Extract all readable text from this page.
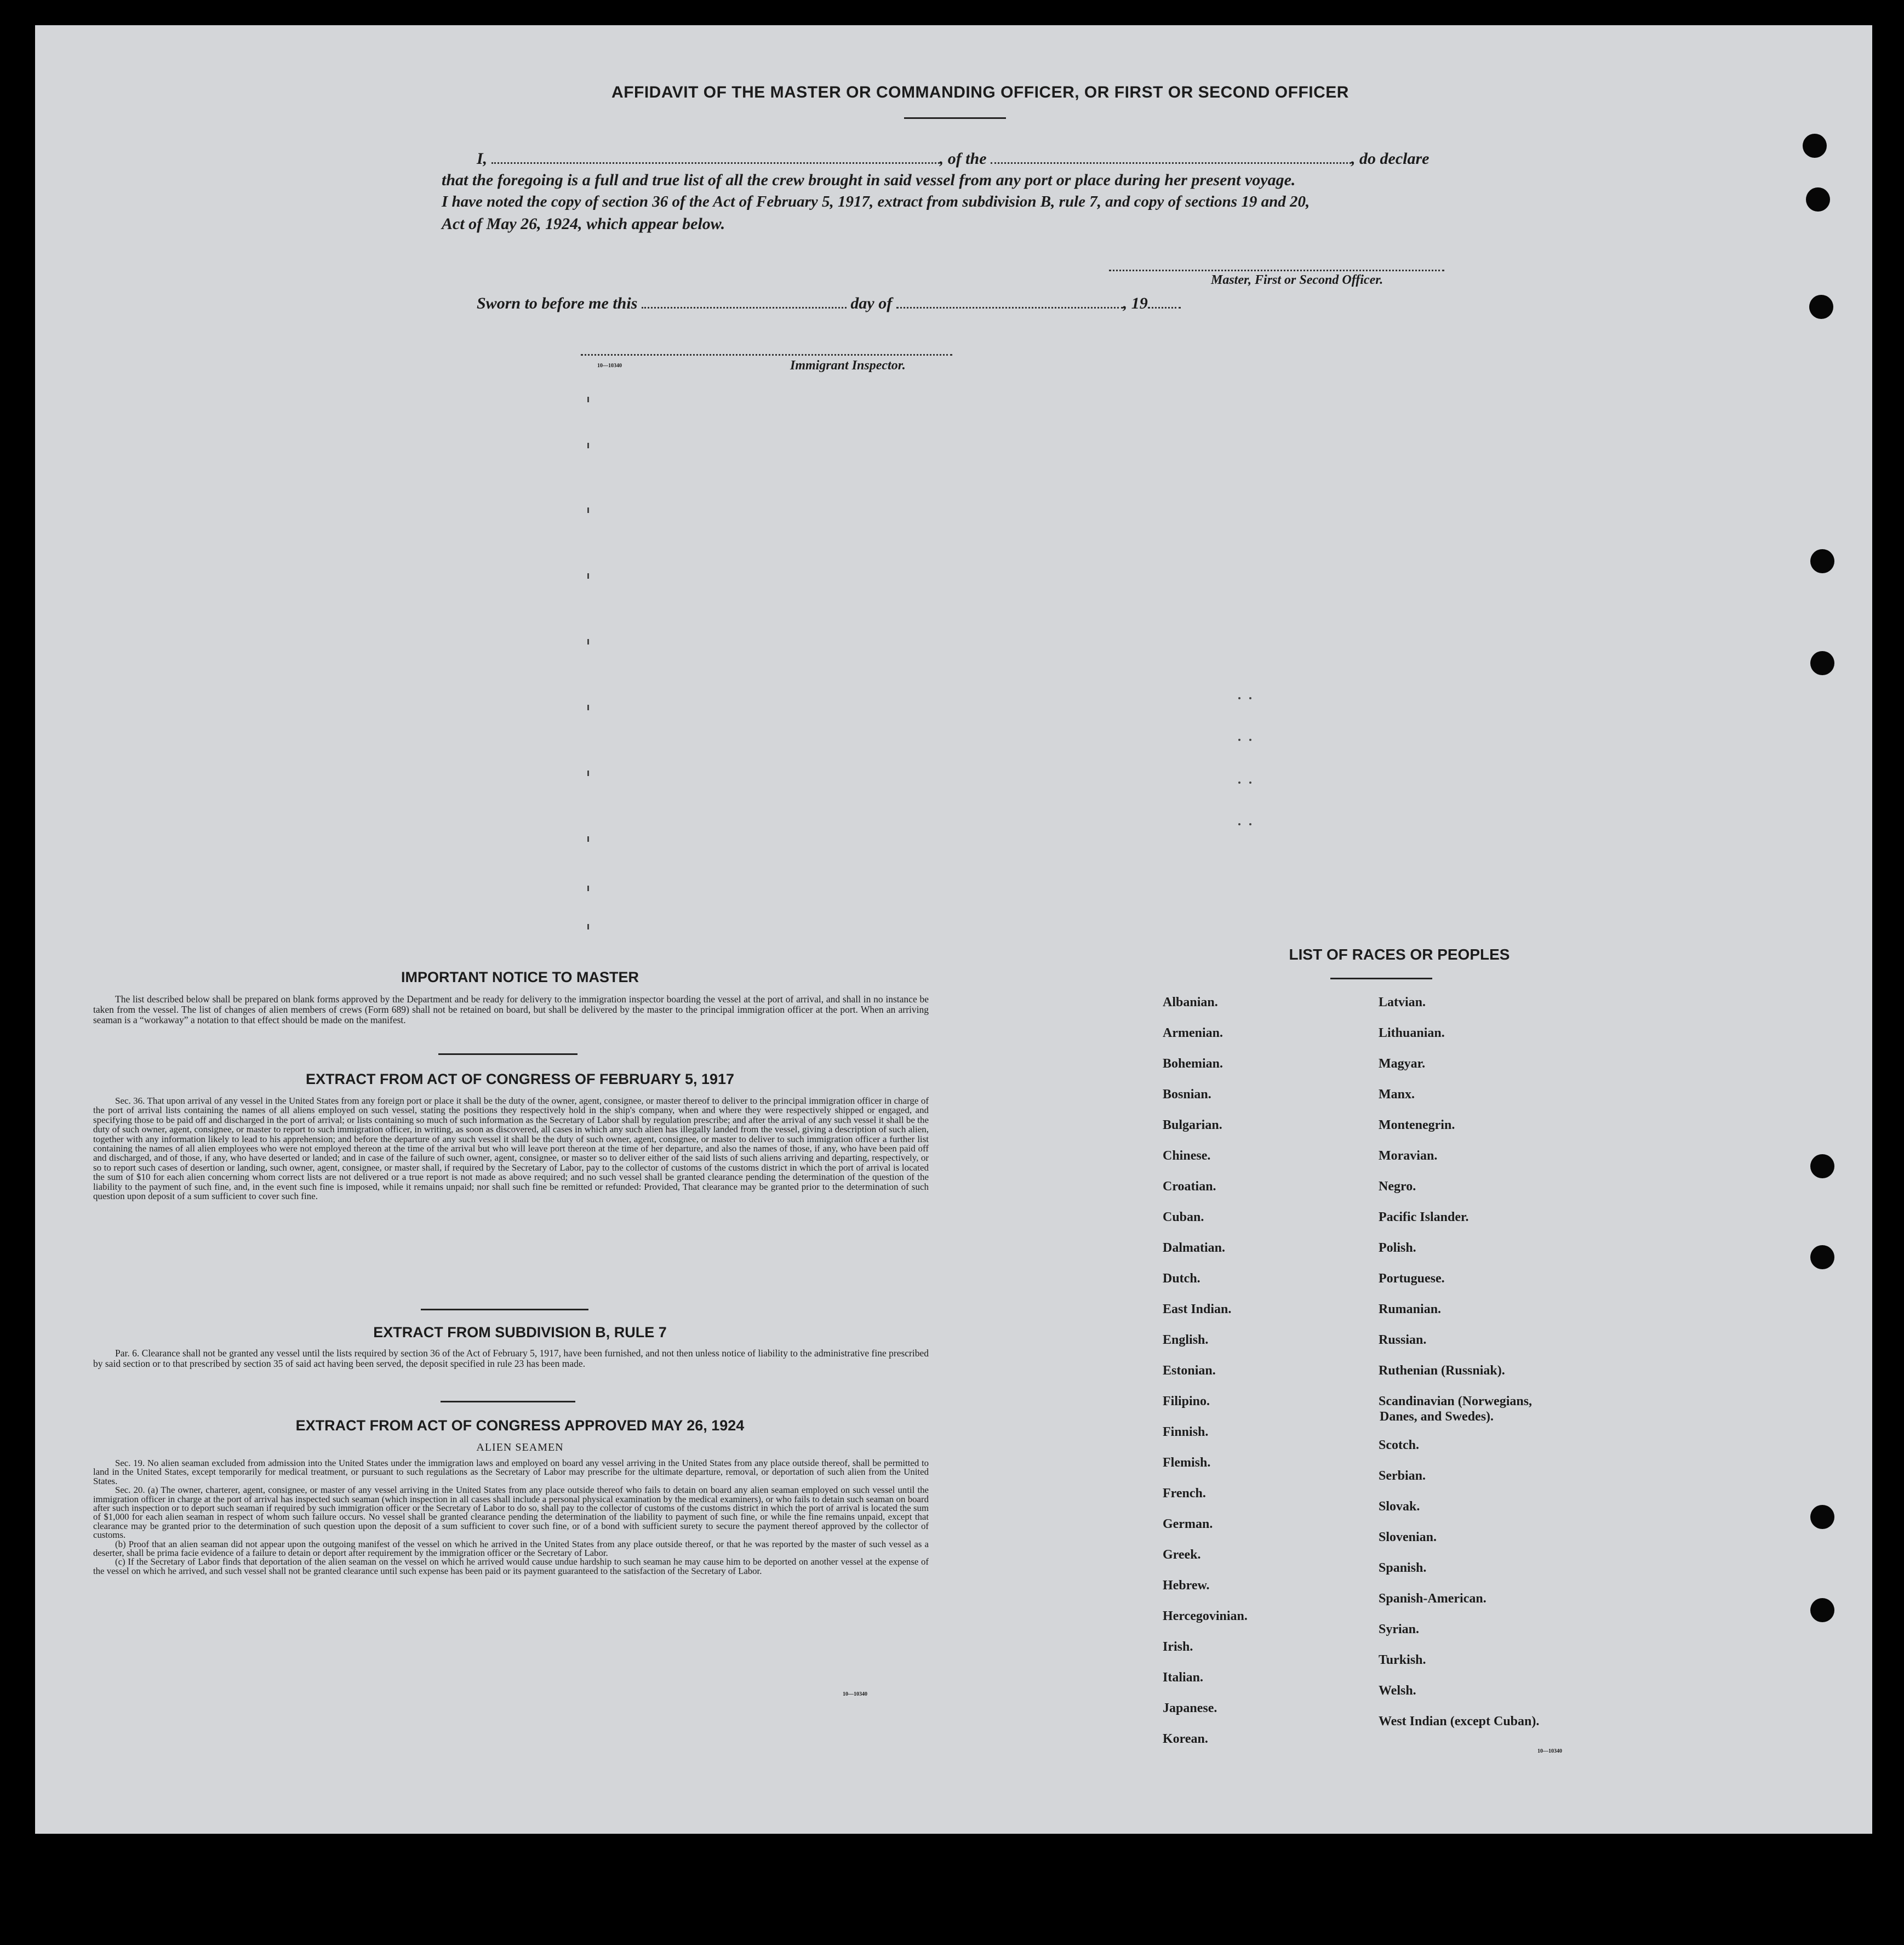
AFFIDAVIT OF THE MASTER OR COMMANDING OFFICER, OR FIRST OR SECOND OFFICER
I,	, of the	, do declare
that the foregoing is a full and true list of all the crew brought in said vessel from any port or place during her present voyage.
I have noted the copy of section 36 of the Act of February 5, 1917, extract from subdivision B, rule 7, and copy of sections 19 and 20,
Act of May 26, 1924, which appear below.
Master, First or Second Officer.
Sworn to before me this	day of	, 19
10—10340	Immigrant Inspector.
IMPORTANT NOTICE TO MASTER

The list described below shall be prepared on blank forms approved by the Department and be ready for delivery to the immigration inspector boarding the vessel at the port of arrival, and shall in no instance be taken from the vessel. The list of changes of alien members of crews (Form 689) shall not be retained on board, but shall be delivered by the master to the principal immigration officer at the port. When an arriving seaman is a “workaway” a notation to that effect should be made on the manifest.

EXTRACT FROM ACT OF CONGRESS OF FEBRUARY 5, 1917

Sec. 36. That upon arrival of any vessel in the United States from any foreign port or place it shall be the duty of the owner, agent, consignee, or master thereof to deliver to the principal immigration officer in charge of the port of arrival lists containing the names of all aliens employed on such vessel, stating the positions they respectively hold in the ship's company, when and where they were respectively shipped or engaged, and specifying those to be paid off and discharged in the port of arrival; or lists containing so much of such information as the Secretary of Labor shall by regulation prescribe; and after the arrival of any such vessel it shall be the duty of such owner, agent, consignee, or master to report to such immigration officer, in writing, as soon as discovered, all cases in which any such alien has illegally landed from the vessel, giving a description of such alien, together with any information likely to lead to his apprehension; and before the departure of any such vessel it shall be the duty of such owner, agent, consignee, or master to deliver to such immigration officer a further list containing the names of all alien employees who were not employed thereon at the time of the arrival but who will leave port thereon at the time of her departure, and also the names of those, if any, who have been paid off and discharged, and of those, if any, who have deserted or landed; and in case of the failure of such owner, agent, consignee, or master so to deliver either of the said lists of such aliens arriving and departing, respectively, or so to report such cases of desertion or landing, such owner, agent, consignee, or master shall, if required by the Secretary of Labor, pay to the collector of customs of the customs district in which the port of arrival is located the sum of $10 for each alien concerning whom correct lists are not delivered or a true report is not made as above required; and no such vessel shall be granted clearance pending the determination of the question of the liability to the payment of such fine, and, in the event such fine is imposed, while it remains unpaid; nor shall such fine be remitted or refunded: Provided, That clearance may be granted prior to the determination of such question upon deposit of a sum sufficient to cover such fine.

EXTRACT FROM SUBDIVISION B, RULE 7

Par. 6. Clearance shall not be granted any vessel until the lists required by section 36 of the Act of February 5, 1917, have been furnished, and not then unless notice of liability to the administrative fine prescribed by said section or to that prescribed by section 35 of said act having been served, the deposit specified in rule 23 has been made.

EXTRACT FROM ACT OF CONGRESS APPROVED MAY 26, 1924
ALIEN SEAMEN

Sec. 19. No alien seaman excluded from admission into the United States under the immigration laws and employed on board any vessel arriving in the United States from any place outside thereof, shall be permitted to land in the United States, except temporarily for medical treatment, or pursuant to such regulations as the Secretary of Labor may prescribe for the ultimate departure, removal, or deportation of such alien from the United States.

Sec. 20. (a) The owner, charterer, agent, consignee, or master of any vessel arriving in the United States from any place outside thereof who fails to detain on board any alien seaman employed on such vessel until the immigration officer in charge at the port of arrival has inspected such seaman (which inspection in all cases shall include a personal physical examination by the medical examiners), or who fails to detain such seaman on board after such inspection or to deport such seaman if required by such immigration officer or the Secretary of Labor to do so, shall pay to the collector of customs of the customs district in which the port of arrival is located the sum of $1,000 for each alien seaman in respect of whom such failure occurs. No vessel shall be granted clearance pending the determination of the liability to payment of such fine, or while the fine remains unpaid, except that clearance may be granted prior to the determination of such question upon the deposit of a sum sufficient to cover such fine, or of a bond with sufficient surety to secure the payment thereof approved by the collector of customs.

(b) Proof that an alien seaman did not appear upon the outgoing manifest of the vessel on which he arrived in the United States from any place outside thereof, or that he was reported by the master of such vessel as a deserter, shall be prima facie evidence of a failure to detain or deport after requirement by the immigration officer or the Secretary of Labor.

(c) If the Secretary of Labor finds that deportation of the alien seaman on the vessel on which he arrived would cause undue hardship to such seaman he may cause him to be deported on another vessel at the expense of the vessel on which he arrived, and such vessel shall not be granted clearance until such expense has been paid or its payment guaranteed to the satisfaction of the Secretary of Labor.

10—10340
LIST OF RACES OR PEOPLES
Danes, and Swedes).
10—10340
Albanian.
Armenian.
Bohemian.
Bosnian.
Bulgarian.
Chinese.
Croatian.
Cuban.
Dalmatian.
Dutch.
East Indian.
English.
Estonian.
Filipino.
Finnish.
Flemish.
French.
German.
Greek.
Hebrew.
Hercegovinian.
Irish.
Italian.
Japanese.
Korean.
Latvian.
Lithuanian.
Magyar.
Manx.
Montenegrin.
Moravian.
Negro.
Pacific Islander.
Polish.
Portuguese.
Rumanian.
Russian.
Ruthenian (Russniak).
Scandinavian (Norwegians,
Scotch.
Serbian.
Slovak.
Slovenian.
Spanish.
Spanish-American.
Syrian.
Turkish.
Welsh.
West Indian (except Cuban).
